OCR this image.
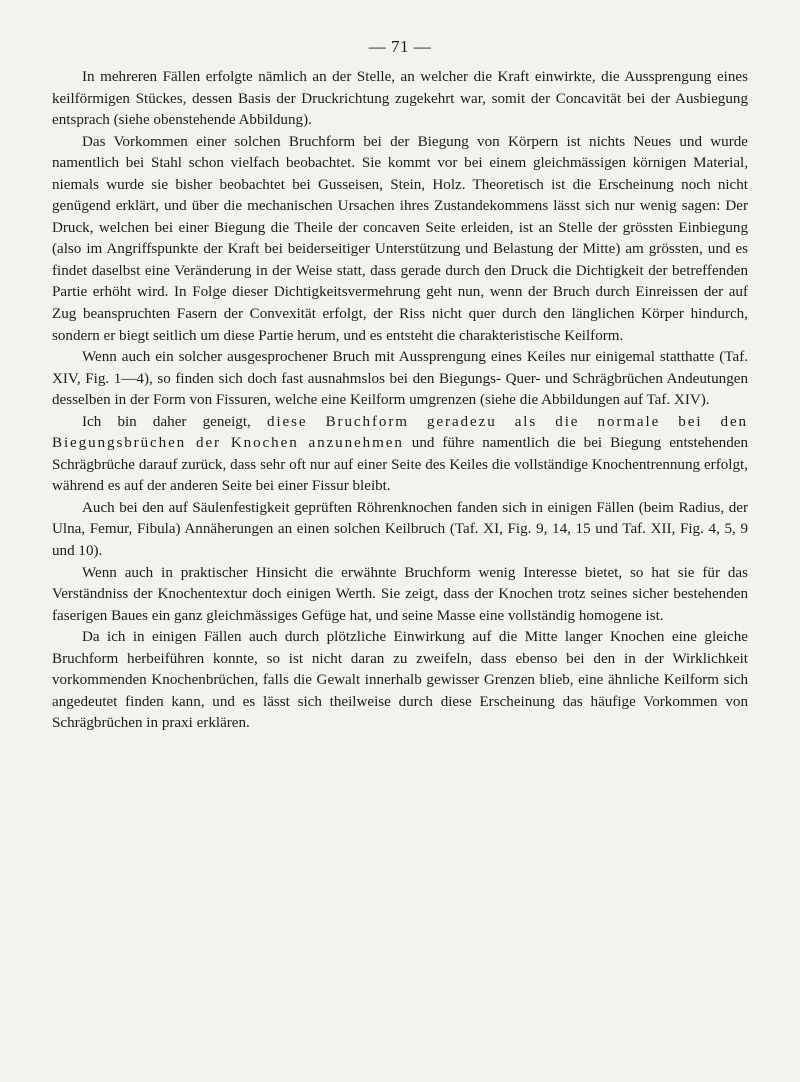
— 71 —

In mehreren Fällen erfolgte nämlich an der Stelle, an welcher die Kraft einwirkte, die Aussprengung eines keilförmigen Stückes, dessen Basis der Druckrichtung zugekehrt war, somit der Concavität bei der Ausbiegung entsprach (siehe obenstehende Abbildung).

Das Vorkommen einer solchen Bruchform bei der Biegung von Körpern ist nichts Neues und wurde namentlich bei Stahl schon vielfach beobachtet. Sie kommt vor bei einem gleichmässigen körnigen Material, niemals wurde sie bisher beobachtet bei Gusseisen, Stein, Holz. Theoretisch ist die Erscheinung noch nicht genügend erklärt, und über die mechanischen Ursachen ihres Zustandekommens lässt sich nur wenig sagen: Der Druck, welchen bei einer Biegung die Theile der concaven Seite erleiden, ist an Stelle der grössten Einbiegung (also im Angriffspunkte der Kraft bei beiderseitiger Unterstützung und Belastung der Mitte) am grössten, und es findet daselbst eine Veränderung in der Weise statt, dass gerade durch den Druck die Dichtigkeit der betreffenden Partie erhöht wird. In Folge dieser Dichtigkeitsvermehrung geht nun, wenn der Bruch durch Einreissen der auf Zug beanspruchten Fasern der Convexität erfolgt, der Riss nicht quer durch den länglichen Körper hindurch, sondern er biegt seitlich um diese Partie herum, und es entsteht die charakteristische Keilform.

Wenn auch ein solcher ausgesprochener Bruch mit Aussprengung eines Keiles nur einigemal statthatte (Taf. XIV, Fig. 1—4), so finden sich doch fast ausnahmslos bei den Biegungs- Quer- und Schrägbrüchen Andeutungen desselben in der Form von Fissuren, welche eine Keilform umgrenzen (siehe die Abbildungen auf Taf. XIV).

Ich bin daher geneigt, diese Bruchform geradezu als die normale bei den Biegungsbrüchen der Knochen anzunehmen und führe namentlich die bei Biegung entstehenden Schrägbrüche darauf zurück, dass sehr oft nur auf einer Seite des Keiles die vollständige Knochentrennung erfolgt, während es auf der anderen Seite bei einer Fissur bleibt.

Auch bei den auf Säulenfestigkeit geprüften Röhrenknochen fanden sich in einigen Fällen (beim Radius, der Ulna, Femur, Fibula) Annäherungen an einen solchen Keilbruch (Taf. XI, Fig. 9, 14, 15 und Taf. XII, Fig. 4, 5, 9 und 10).

Wenn auch in praktischer Hinsicht die erwähnte Bruchform wenig Interesse bietet, so hat sie für das Verständniss der Knochentextur doch einigen Werth. Sie zeigt, dass der Knochen trotz seines sicher bestehenden faserigen Baues ein ganz gleichmässiges Gefüge hat, und seine Masse eine vollständig homogene ist.

Da ich in einigen Fällen auch durch plötzliche Einwirkung auf die Mitte langer Knochen eine gleiche Bruchform herbeiführen konnte, so ist nicht daran zu zweifeln, dass ebenso bei den in der Wirklichkeit vorkommenden Knochenbrüchen, falls die Gewalt innerhalb gewisser Grenzen blieb, eine ähnliche Keilform sich angedeutet finden kann, und es lässt sich theilweise durch diese Erscheinung das häufige Vorkommen von Schrägbrüchen in praxi erklären.
